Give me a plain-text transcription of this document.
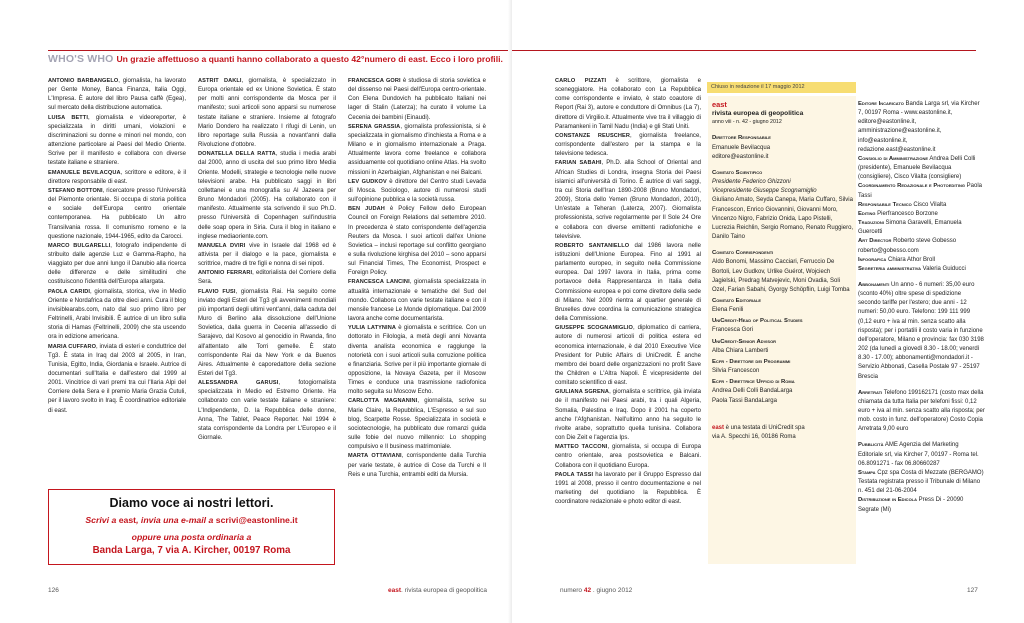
WHO'S WHO Un grazie affettuoso a quanti hanno collaborato a questo 42°numero di east. Ecco i loro profili.

ANTONIO BARBANGELO, giornalista, ha lavorato per Gente Money, Banca Finanza, Italia Oggi, L'Impresa. È autore del libro Pausa caffè (Egea), sul mercato della distribuzione automatica.

LUISA BETTI, giornalista e videoreporter, è specializzata in diritti umani, violazioni e discriminazioni su donne e minori nel mondo, con attenzione particolare ai Paesi del Medio Oriente. Scrive per il manifesto e collabora con diverse testate italiane e straniere.

EMANUELE BEVILACQUA, scrittore e editore, è il direttore responsabile di east.

STEFANO BOTTONI, ricercatore presso l'Università del Piemonte orientale. Si occupa di storia politica e sociale dell'Europa centro orientale contemporanea. Ha pubblicato Un altro Transilvania rossa. Il comunismo romeno e la questione nazionale, 1944-1965, edito da Carocci.

MARCO BULGARELLI, fotografo indipendente di stribuito dalle agenzie Luz e Gamma-Rapho, ha viaggiato per due anni lungo il Danubio alla ricerca delle differenze e delle similitudini che costituiscono l'identità dell'Europa allargata.

PAOLA CARIDI, giornalista, storica, vive in Medio Oriente e Nordafrica da oltre dieci anni. Cura il blog invisiblearabs.com, nato dal suo primo libro per Feltrinelli, Arabi Invisibili. È autrice di un libro sulla storia di Hamas (Feltrinelli, 2009) che sta uscendo ora in edizione americana.

MARIA CUFFARO, inviata di esteri e conduttrice del Tg3. È stata in Iraq dal 2003 al 2005, in Iran, Tunisia, Egitto, India, Giordania e Israele. Autrice di documentari sull'Italia e dall'estero dal 1999 al 2001. Vincitrice di vari premi tra cui l'Ilaria Alpi del Corriere della Sera e il premio Maria Grazia Cutuli, per il lavoro svolto in Iraq. È coordinatrice editoriale di east.

ASTRIT DAKLI, giornalista, è specializzato in Europa orientale ed ex Unione Sovietica. È stato per molti anni corrispondente da Mosca per il manifesto; suoi articoli sono apparsi su numerose testate italiane e straniere. Insieme al fotografo Mario Dondero ha realizzato I rifugi di Lenin, un libro reportage sulla Russia a novant'anni dalla Rivoluzione d'ottobre.

DONATELLA DELLA RATTA, studia i media arabi dal 2000, anno di uscita del suo primo libro Media Oriente. Modelli, strategie e tecnologie nelle nuove televisioni arabe. Ha pubblicato saggi in libri collettanei e una monografia su Al Jazeera per Bruno Mondadori (2005). Ha collaborato con il manifesto. Attualmente sta scrivendo il suo Ph.D. presso l'Università di Copenhagen sull'industria delle soap opera in Siria. Cura il blog in italiano e inglese mediaoriente.com.

MANUELA DVIRI vive in Israele dal 1968 ed è attivista per il dialogo e la pace, giornalista e scrittrice, madre di tre figli e nonna di sei nipoti.

ANTONIO FERRARI, editorialista del Corriere della Sera.

FLAVIO FUSI, giornalista Rai. Ha seguito come inviato degli Esteri del Tg3 gli avvenimenti mondiali più importanti degli ultimi vent'anni, dalla caduta del Muro di Berlino alla dissoluzione dell'Unione Sovietica, dalla guerra in Cecenia all'assedio di Sarajevo, dal Kosovo al genocidio in Rwanda, fino all'attentato alle Torri gemelle. È stato corrispondente Rai da New York e da Buenos Aires. Attualmente è caporedattore della sezione Esteri del Tg3.

ALESSANDRA GARUSI, fotogiornalista specializzata in Medio ed Estremo Oriente. Ha collaborato con varie testate italiane e straniere: L'Indipendente, D. la Repubblica delle donne, Anna, The Tablet, Peace Reporter. Nel 1994 è stata corrispondente da Londra per L'Europeo e il Giornale.

FRANCESCA GORI è studiosa di storia sovietica e del dissenso nei Paesi dell'Europa centro-orientale. Con Elena Dundovich ha pubblicato Italiani nei lager di Stalin (Laterza); ha curato il volume La Cecenia dei bambini (Einaudi).

SERENA GRASSIA, giornalista professionista, si è specializzata in giornalismo d'inchiesta a Roma e a Milano e in giornalismo internazionale a Praga. Attualmente lavora come freelance e collabora assiduamente col quotidiano online Atlas. Ha svolto missioni in Azerbaigian, Afghanistan e nei Balcani.

LEV GUDKOV è direttore del Centro studi Levada di Mosca. Sociologo, autore di numerosi studi sull'opinione pubblica e la società russa.

BEN JUDAH è Policy Fellow dello European Council on Foreign Relations dal settembre 2010. In precedenza è stato corrispondente dell'agenzia Reuters da Mosca. I suoi articoli dall'ex Unione Sovietica – inclusi reportage sul conflitto georgiano e sulla rivoluzione kirghisa del 2010 – sono apparsi sul Financial Times, The Economist, Prospect e Foreign Policy.

FRANCESCA LANCINI, giornalista specializzata in attualità internazionale e tematiche del Sud del mondo. Collabora con varie testate italiane e con il mensile francese Le Monde diplomatique. Dal 2009 lavora anche come documentarista.

YULIA LATYNINA è giornalista e scrittrice. Con un dottorato in Filologia, a metà degli anni Novanta diventa analista economica e raggiunge la notorietà con i suoi articoli sulla corruzione politica e finanziaria. Scrive per il più importante giornale di opposizione, la Novaya Gazeta, per il Moscow Times e conduce una trasmissione radiofonica molto seguita su Moscow Echo.

CARLOTTA MAGNANINI, giornalista, scrive su Marie Claire, la Repubblica, L'Espresso e sul suo blog, Scarpette Rosse. Specializzata in società e sociotecnologie, ha pubblicato due romanzi guida sulle fobie del nuovo millennio: Lo shopping compulsivo e Il business matrimoniale.

MARTA OTTAVIANI, corrispondente dalla Turchia per varie testate, è autrice di Cose da Turchi e Il Reis e una Turchia, entrambi editi da Mursia.

Diamo voce ai nostri lettori.
Scrivi a east, invia una e-mail a scrivi@eastonline.it
oppure una posta ordinaria a
Banda Larga, 7 via A. Kircher, 00197 Roma
126	east. rivista europea di geopolitica

CARLO PIZZATI è scrittore, giornalista e sceneggiatore. Ha collaborato con La Repubblica come corrispondente e inviato, è stato coautore di Report (Rai 3), autore e conduttore di Omnibus (La 7), direttore di Virgilio.it. Attualmente vive tra il villaggio di Paramankeni in Tamil Nadu (India) e gli Stati Uniti.

CONSTANZE REUSCHER, giornalista freelance, corrispondente dall'estero per la stampa e la televisione tedesca.

FARIAN SABAHI, Ph.D. alla School of Oriental and African Studies di Londra, insegna Storia dei Paesi islamici all'università di Torino. È autrice di vari saggi, tra cui Storia dell'Iran 1890-2008 (Bruno Mondadori, 2009), Storia dello Yemen (Bruno Mondadori, 2010), Un'estate a Teheran (Laterza, 2007). Giornalista professionista, scrive regolarmente per Il Sole 24 Ore e collabora con diverse emittenti radiofoniche e televisive.

ROBERTO SANTANIELLO dal 1986 lavora nelle istituzioni dell'Unione Europea. Fino al 1991 al parlamento europeo, in seguito nella Commissione europea. Dal 1997 lavora in Italia, prima come portavoce della Rappresentanza in Italia della Commissione europea e poi come direttore della sede di Milano. Nel 2009 rientra al quartier generale di Bruxelles dove coordina la comunicazione strategica della Commissione.

GIUSEPPE SCOGNAMIGLIO, diplomatico di carriera, autore di numerosi articoli di politica estera ed economica internazionale, è dal 2010 Executive Vice President for Public Affairs di UniCredit. È anche membro dei board delle organizzazioni no profit Save the Children e L'Altra Napoli. È vicepresidente del comitato scientifico di east.

GIULIANA SGRENA, giornalista e scrittrice, già inviata de il manifesto nei Paesi arabi, tra i quali Algeria, Somalia, Palestina e Iraq. Dopo il 2001 ha coperto anche l'Afghanistan. Nell'ultimo anno ha seguito le rivolte arabe, soprattutto quella tunisina. Collabora con Die Zeit e l'agenzia Ips.

MATTEO TACCONI, giornalista, si occupa di Europa centro orientale, area postsovietica e Balcani. Collabora con il quotidiano Europa.

PAOLA TASSI ha lavorato per il Gruppo Espresso dal 1991 al 2008, presso il centro documentazione e nel marketing del quotidiano la Repubblica. È coordinatore redazionale e photo editor di east.

Chiuso in redazione il 17 maggio 2012
east
rivista europea di geopolitica
anno viii - n. 42 - giugno 2012
Direttore Responsabile
Emanuele Bevilacqua
editore@eastonline.it
Comitato Scientifico
Presidente Federico Ghizzoni
Vicepresidente Giuseppe Scognamiglio
Giuliano Amato, Seyda Canepa, Maria Cuffaro, Silvia Francescon, Enrico Giovannini, Giovanni Moro, Vincenzo Nigro, Fabrizio Onida, Lapo Pistelli, Lucrezia Reichlin, Sergio Romano, Renato Ruggiero, Danilo Taino
Comitato Corrispondenti
Aldo Bonomi, Massimo Cacciari, Ferruccio De Bortoli, Lev Gudkov, Urlike Guérot, Wojciech Jagielski, Predrag Matvejevic, Moni Ovadia, Soli Ozel, Farian Sabahi, Gyorgy Schöpflin, Luigi Tomba
Comitato Editoriale
Elena Fenili
UniCredit-Head of Political Studies
Francesca Gori
UniCredit-Senior Advisor
Alba Chiara Lamberti
Ecfr - Direttore dei Programmi
Silvia Francescon
Ecfr - Direttrice Ufficio di Roma
Andrea Delli Colli BandaLarga
Paola Tassi BandaLarga
east è una testata di UniCredit spa
via A. Specchi 16, 00186 Roma

Editore Incaricato Banda Larga srl, via Kircher 7, 00197 Roma - www.eastonline.it, editore@eastonline.it, amministrazione@eastonline.it, info@eastonline.it, redazione.east@eastonline.it

Consiglio di Amministrazione Andrea Delli Colli (presidente), Emanuele Bevilacqua (consigliere), Cisco Vilalta (consigliere)

Coordinamento Redazionale e Photoediting Paola Tassi

Responsabile Tecnico Cisco Vilalta

Editing Pierfrancesco Borzone

Traduzioni Simona Garavelli, Emanuela Guercetti

Art Director Roberto steve Gobesso roberto@gobesso.com

Infografica Chiara Athor Broll

Segreteria amministrativa Valeria Guiducci

Abbonamenti Un anno - 6 numeri: 35,00 euro (sconto 40%) oltre spese di spedizione secondo tariffe per l'estero; due anni - 12 numeri: 50,00 euro. Telefono: 199 111 999 (0,12 euro + iva al min. senza scatto alla risposta); per i portatili il costo varia in funzione dell'operatore, Milano e provincia: fax 030 3198 202 (da lunedì a giovedì 8.30 - 18.00; venerdì 8.30 - 17.00); abbonamenti@mondadori.it - Servizio Abbonati, Casella Postale 97 - 25197 Brescia

Arretrati Telefono 199162171 (costo max della chiamata da tutta Italia per telefoni fissi: 0,12 euro + iva al min. senza scatto alla risposta; per mob. costo in funz. dell'operatore) Costo Copia Arretrata 9,00 euro

Pubblicità AME Agenzia del Marketing Editoriale srl, via Kircher 7, 00197 - Roma tel. 06.8091271 - fax 06.80660287

Stampa Cpz spa Costa di Mezzate (BERGAMO) Testata registrata presso il Tribunale di Milano n. 451 del 21-06-2004

Distribuzione in Edicola Press Di - 20090 Segrate (Mi)

numero 42 . giugno 2012	127
